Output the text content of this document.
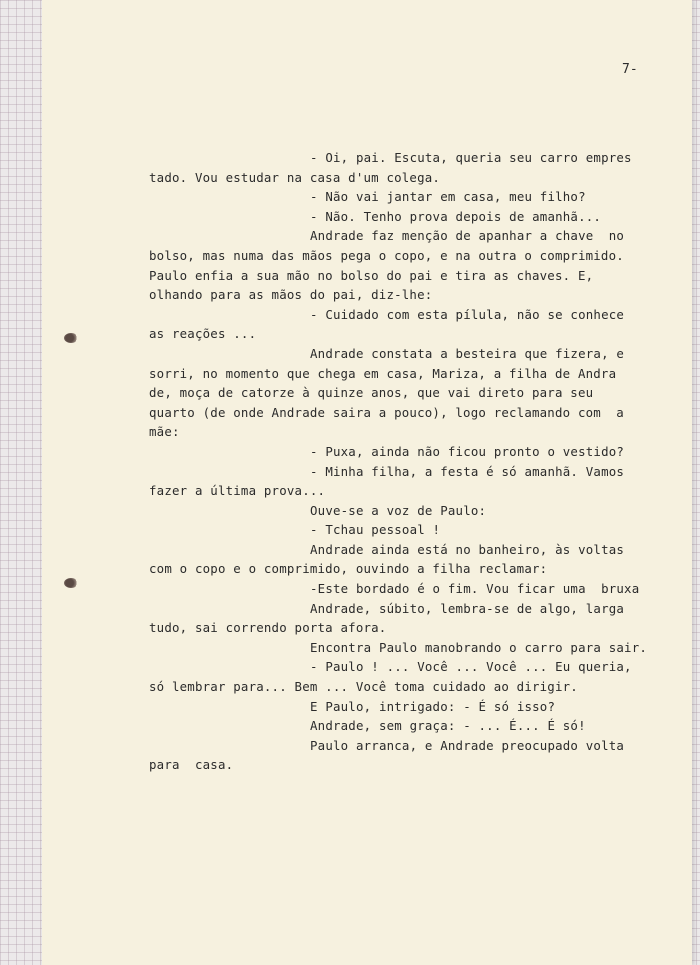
7-
- Oi, pai. Escuta, queria seu carro empres
tado. Vou estudar na casa d'um colega.
- Não vai jantar em casa, meu filho?
- Não. Tenho prova depois de amanhã...
Andrade faz menção de apanhar a chave  no
bolso, mas numa das mãos pega o copo, e na outra o comprimido.
Paulo enfia a sua mão no bolso do pai e tira as chaves. E,
olhando para as mãos do pai, diz-lhe:
- Cuidado com esta pílula, não se conhece
as reações ...
Andrade constata a besteira que fizera, e
sorri, no momento que chega em casa, Mariza, a filha de Andra
de, moça de catorze à quinze anos, que vai direto para seu
quarto (de onde Andrade saira a pouco), logo reclamando com  a
mãe:
- Puxa, ainda não ficou pronto o vestido?
- Minha filha, a festa é só amanhã. Vamos
fazer a última prova...
Ouve-se a voz de Paulo:
- Tchau pessoal !
Andrade ainda está no banheiro, às voltas
com o copo e o comprimido, ouvindo a filha reclamar:
-Este bordado é o fim. Vou ficar uma  bruxa
Andrade, súbito, lembra-se de algo, larga
tudo, sai correndo porta afora.
Encontra Paulo manobrando o carro para sair.
- Paulo ! ... Você ... Você ... Eu queria,
só lembrar para... Bem ... Você toma cuidado ao dirigir.
E Paulo, intrigado: - É só isso?
Andrade, sem graça: - ... É... É só!
Paulo arranca, e Andrade preocupado volta
para  casa.
